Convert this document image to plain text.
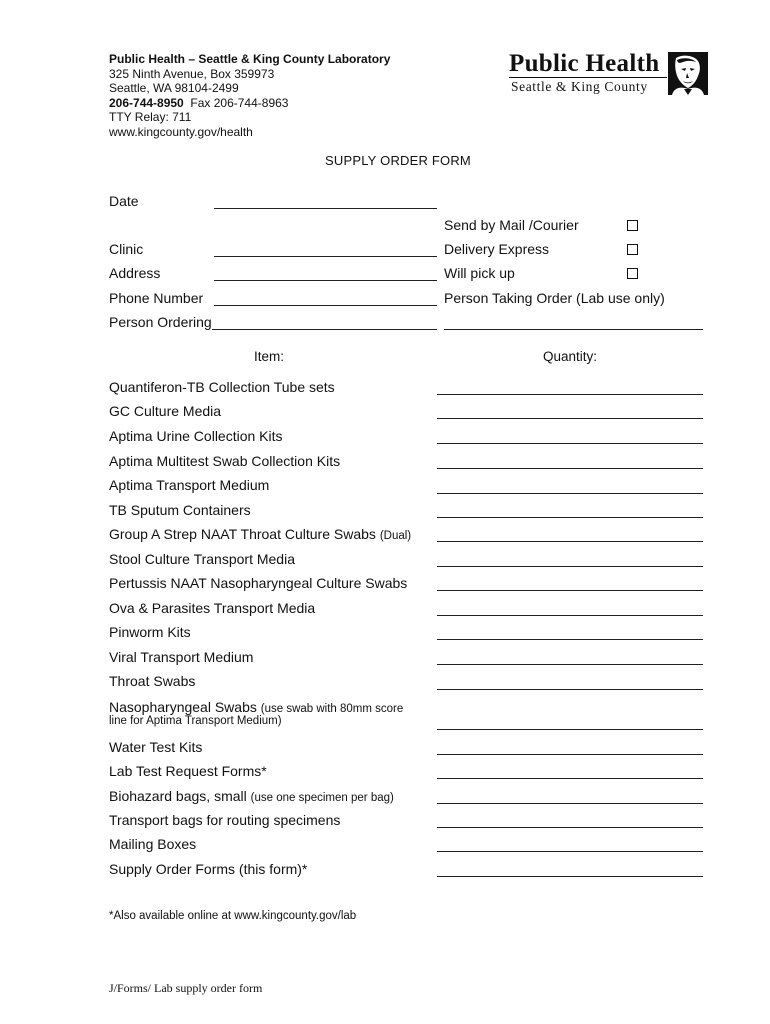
Public Health – Seattle & King County Laboratory
325 Ninth Avenue, Box 359973
Seattle, WA 98104-2499
206-744-8950 Fax 206-744-8963
TTY Relay: 711
www.kingcounty.gov/health
Public Health
Seattle & King County
SUPPLY ORDER FORM
Date
Clinic
Address
Phone Number
Person Ordering
Send by Mail /Courier
Delivery Express
Will pick up
Person Taking Order (Lab use only)
Item:	Quantity:
Quantiferon-TB Collection Tube sets
GC Culture Media
Aptima Urine Collection Kits
Aptima Multitest Swab Collection Kits
Aptima Transport Medium
TB Sputum Containers
Group A Strep NAAT Throat Culture Swabs (Dual)
Stool Culture Transport Media
Pertussis NAAT Nasopharyngeal Culture Swabs
Ova & Parasites Transport Media
Pinworm Kits
Viral Transport Medium
Throat Swabs
Nasopharyngeal Swabs (use swab with 80mm score
line for Aptima Transport Medium)
Water Test Kits
Lab Test Request Forms*
Biohazard bags, small (use one specimen per bag)
Transport bags for routing specimens
Mailing Boxes
Supply Order Forms (this form)*
*Also available online at www.kingcounty.gov/lab
J/Forms/ Lab supply order form
